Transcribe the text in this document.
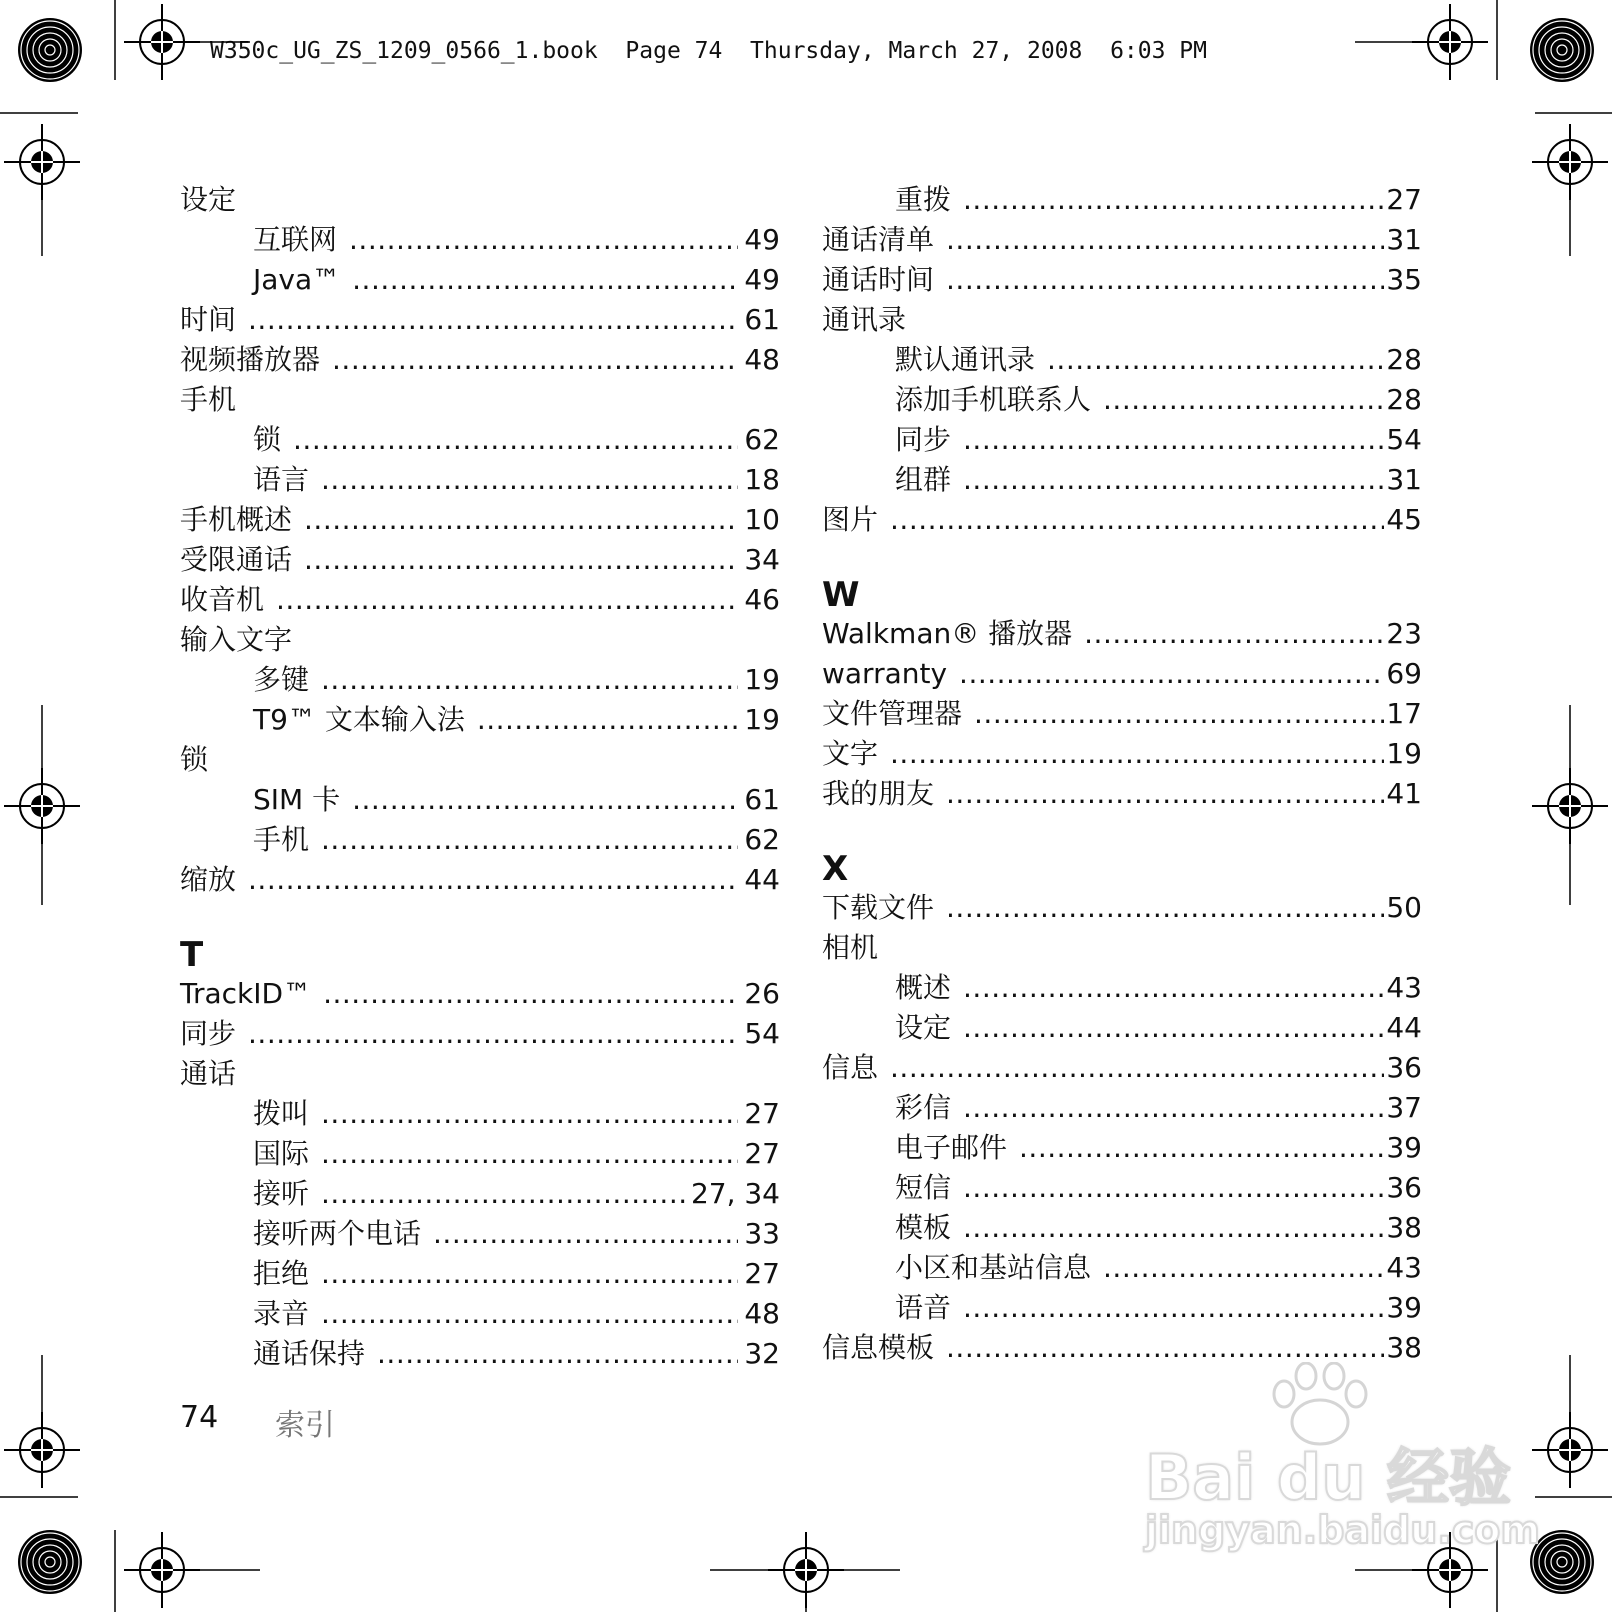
W350c_UG_ZS_1209_0566_1.book  Page 74  Thursday, March 27, 2008  6:03 PM
设定
互联网 .....	49
Java™ .....	49
时间 .....	61
视频播放器 .....	48
手机
锁 .....	62
语言 .....	18
手机概述 .....	10
受限通话 .....	34
收音机 .....	46
输入文字
多键 .....	19
T9™ 文本输入法 .....	19
锁
SIM 卡 .....	61
手机 .....	62
缩放 .....	44
T
TrackID™ .....	26
同步 .....	54
通话
拨叫 .....	27
国际 .....	27
接听 .....	27, 34
接听两个电话 .....	33
拒绝 .....	27
录音 .....	48
通话保持 .....	32
重拨 .....	27
通话清单 .....	31
通话时间 .....	35
通讯录
默认通讯录 .....	28
添加手机联系人 .....	28
同步 .....	54
组群 .....	31
图片 .....	45
W
Walkman® 播放器 .....	23
warranty .....	69
文件管理器 .....	17
文字 .....	19
我的朋友 .....	41
X
下载文件 .....	50
相机
概述 .....	43
设定 .....	44
信息 .....	36
彩信 .....	37
电子邮件 .....	39
短信 .....	36
模板 .....	38
小区和基站信息 .....	43
语音 .....	39
信息模板 .....	38
74 索引
Bai du 经验
jingyan.baidu.com
